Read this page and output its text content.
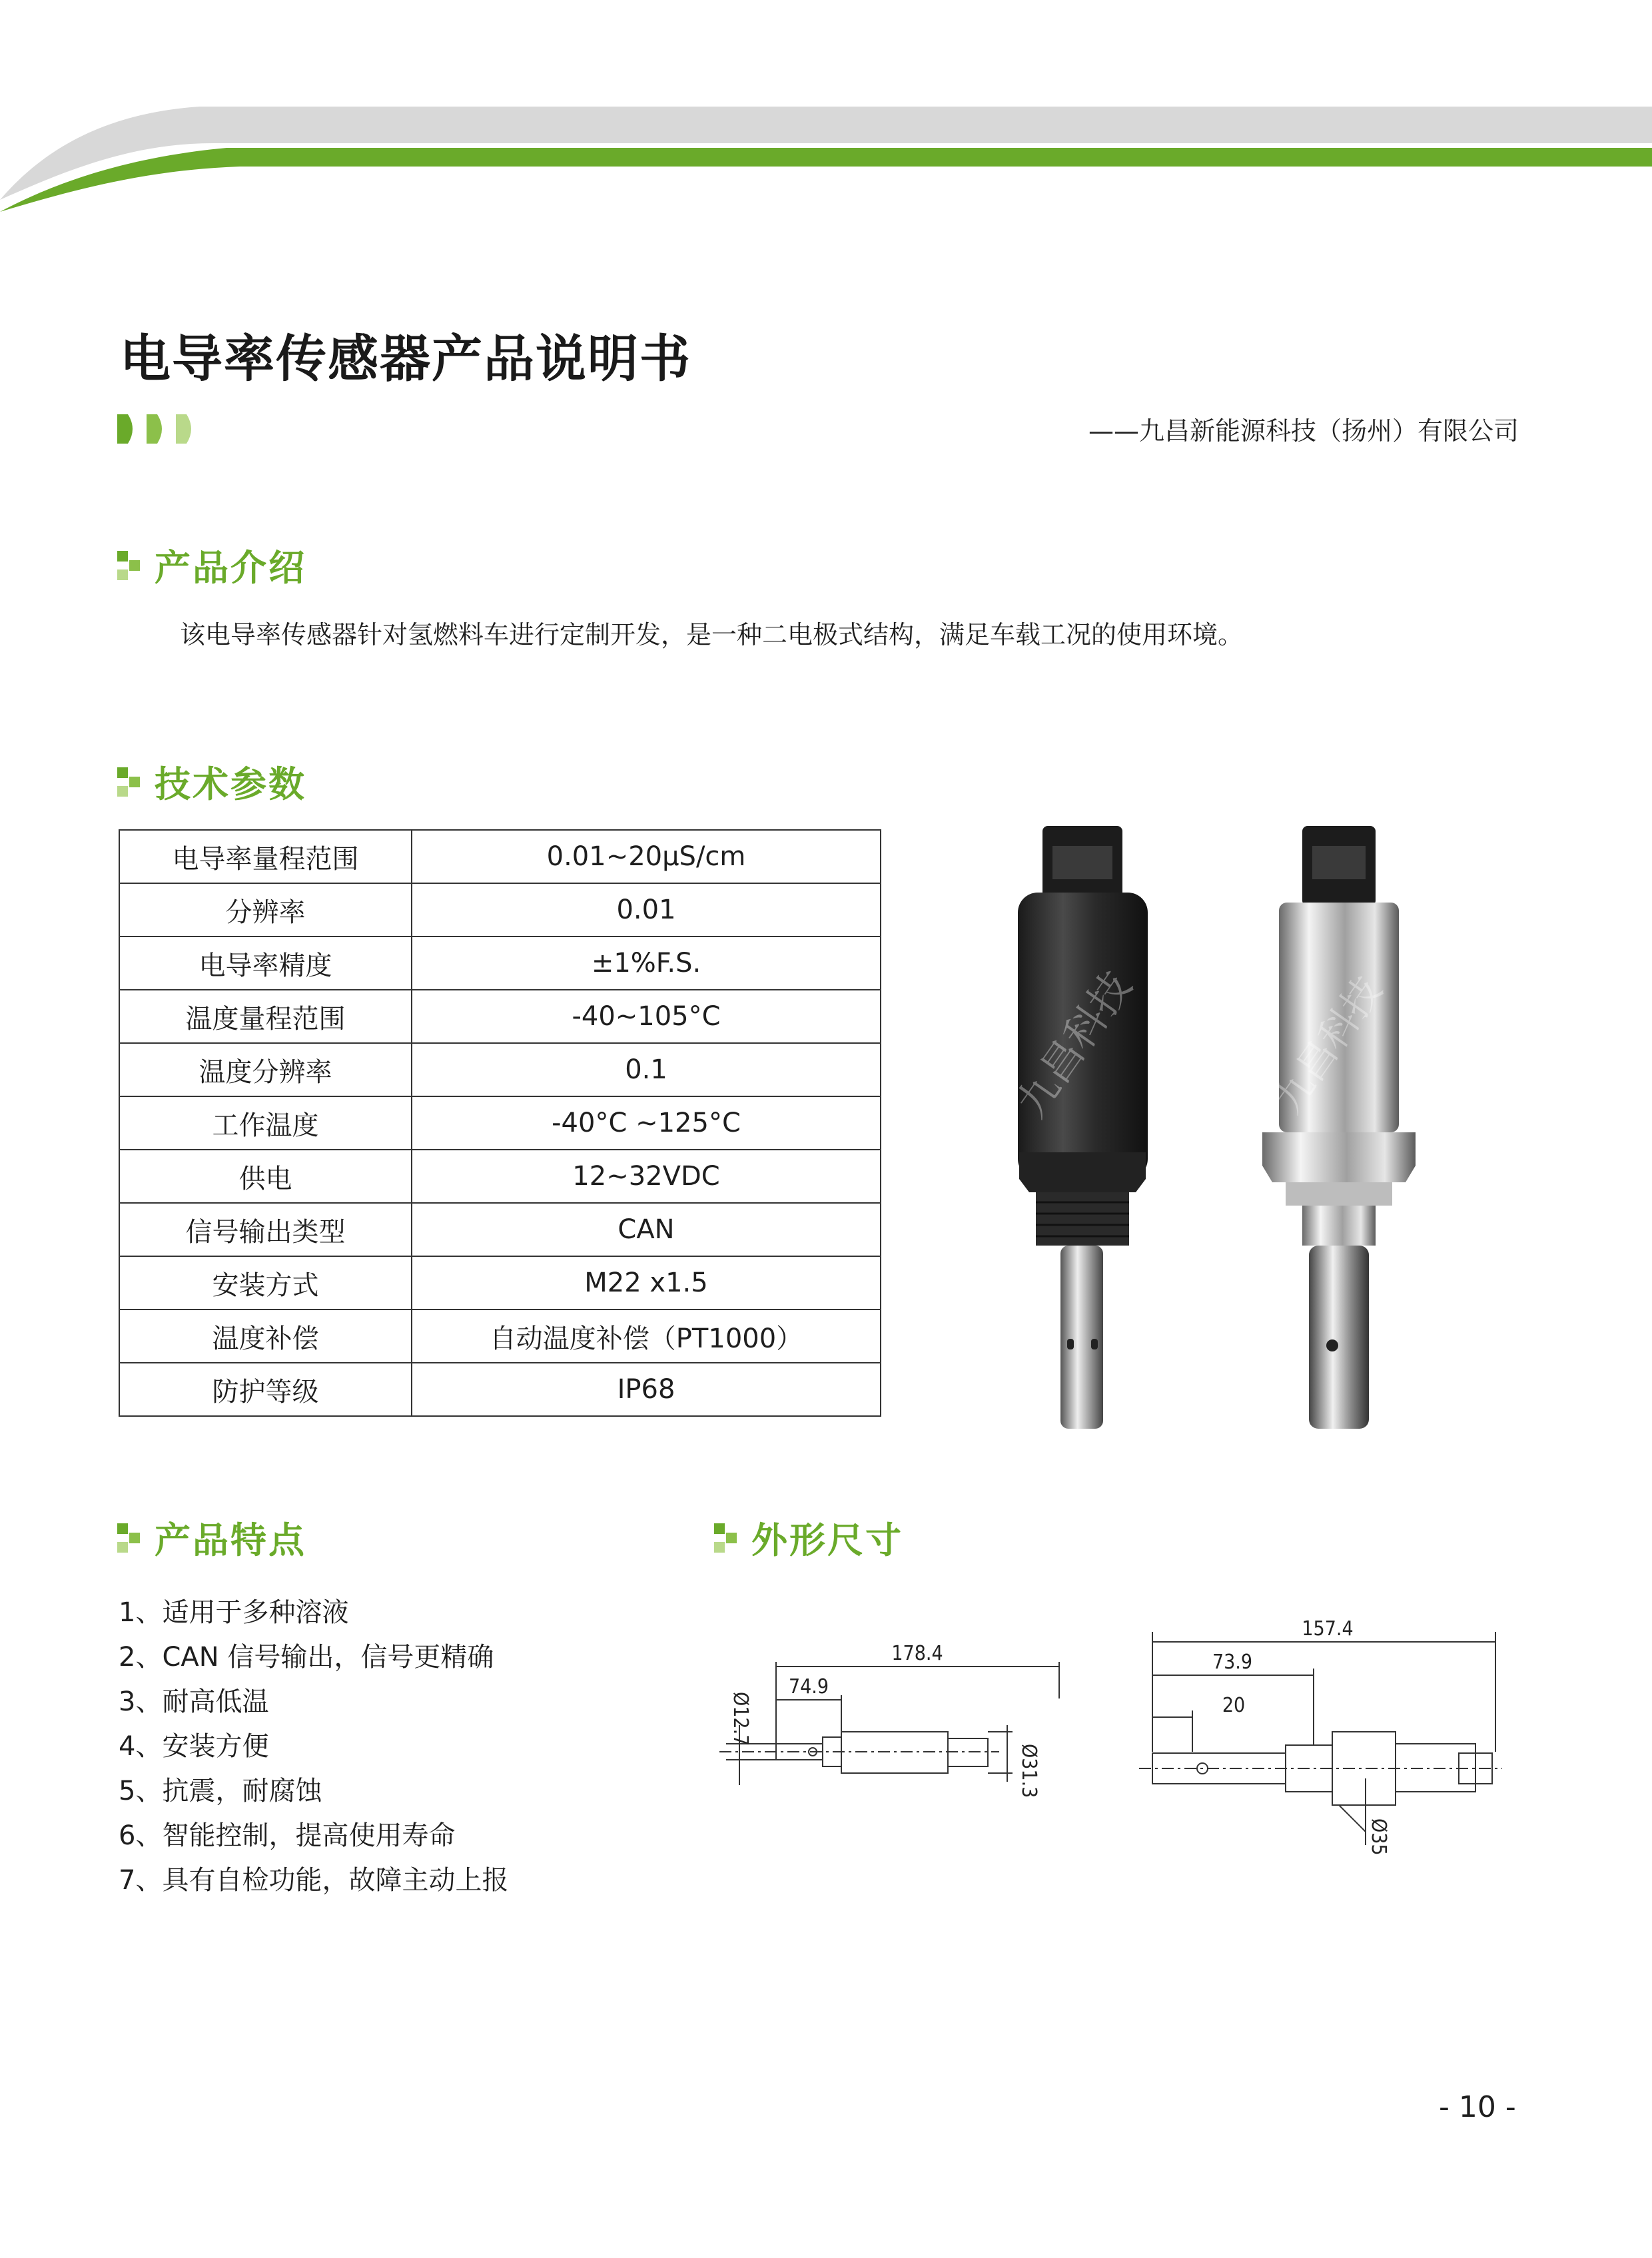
电导率传感器产品说明书
——九昌新能源科技（扬州）有限公司
产品介绍
该电导率传感器针对氢燃料车进行定制开发，是一种二电极式结构，满足车载工况的使用环境。
技术参数
电导率量程范围	0.01~20μS/cm
分辨率	0.01
电导率精度	±1%F.S.
温度量程范围	-40~105°C
温度分辨率	0.1
工作温度	-40°C ~125°C
供电	12~32VDC
信号输出类型	CAN
安装方式	M22 x1.5
温度补偿	自动温度补偿（PT1000）
防护等级	IP68
九昌科技	九昌科技
产品特点
1、适用于多种溶液
2、CAN 信号输出，信号更精确
3、耐高低温
4、安装方便
5、抗震，耐腐蚀
6、智能控制，提高使用寿命
7、具有自检功能，故障主动上报
外形尺寸
178.4
74.9
Ø12.7
Ø31.3
157.4
73.9
20
Ø35
- 10 -
